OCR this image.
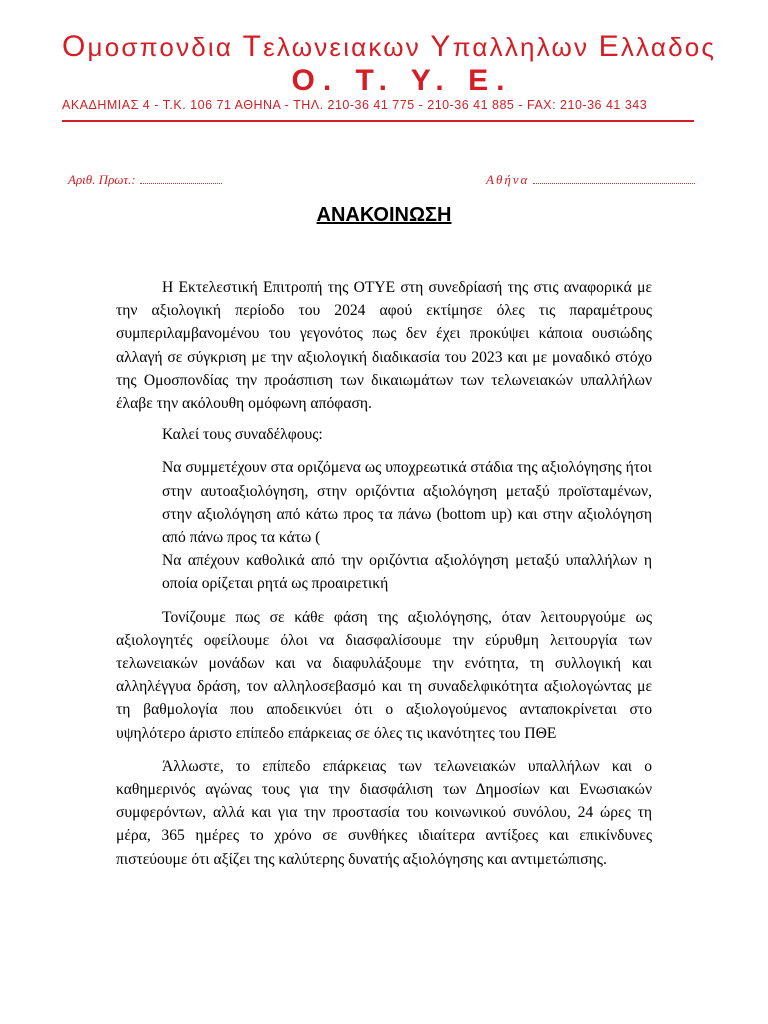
Ομοσπονδια Τελωνειακων Υπαλληλων Ελλαδος
Ο. Τ. Υ. Ε.
ΑΚΑΔΗΜΙΑΣ 4 - Τ.Κ. 106 71 ΑΘΗΝΑ - ΤΗΛ. 210-36 41 775 - 210-36 41 885 - FAX: 210-36 41 343
Αριθ. Πρωτ.:	Αθήνα
ΑΝΑΚΟΙΝΩΣΗ

Η Εκτελεστική Επιτροπή της ΟΤΥΕ στη συνεδρίασή της στις αναφορικά με την αξιολογική περίοδο του 2024 αφού εκτίμησε όλες τις παραμέτρους συμπεριλαμβανομένου του γεγονότος πως δεν έχει προκύψει κάποια ουσιώδης αλλαγή σε σύγκριση με την αξιολογική διαδικασία του 2023 και με μοναδικό στόχο της Ομοσπονδίας την προάσπιση των δικαιωμάτων των τελωνειακών υπαλλήλων έλαβε την ακόλουθη ομόφωνη απόφαση.

Καλεί τους συναδέλφους:

Να συμμετέχουν στα οριζόμενα ως υποχρεωτικά στάδια της αξιολόγησης ήτοι στην αυτοαξιολόγηση, στην οριζόντια αξιολόγηση μεταξύ προϊσταμένων, στην αξιολόγηση από κάτω προς τα πάνω (bottom up) και στην αξιολόγηση από πάνω προς τα κάτω (

Να απέχουν καθολικά από την οριζόντια αξιολόγηση μεταξύ υπαλλήλων η οποία ορίζεται ρητά ως προαιρετική

Τονίζουμε πως σε κάθε φάση της αξιολόγησης, όταν λειτουργούμε ως αξιολογητές οφείλουμε όλοι να διασφαλίσουμε την εύρυθμη λειτουργία των τελωνειακών μονάδων και να διαφυλάξουμε την ενότητα, τη συλλογική και αλληλέγγυα δράση, τον αλληλοσεβασμό και τη συναδελφικότητα αξιολογώντας με τη βαθμολογία που αποδεικνύει ότι ο αξιολογούμενος ανταποκρίνεται στο υψηλότερο άριστο επίπεδο επάρκειας σε όλες τις ικανότητες του ΠΘΕ

Άλλωστε, το επίπεδο επάρκειας των τελωνειακών υπαλλήλων και ο καθημερινός αγώνας τους για την διασφάλιση των Δημοσίων και Ενωσιακών συμφερόντων, αλλά και για την προστασία του κοινωνικού συνόλου, 24 ώρες τη μέρα, 365 ημέρες το χρόνο σε συνθήκες ιδιαίτερα αντίξοες και επικίνδυνες πιστεύουμε ότι αξίζει της καλύτερης δυνατής αξιολόγησης και αντιμετώπισης.
